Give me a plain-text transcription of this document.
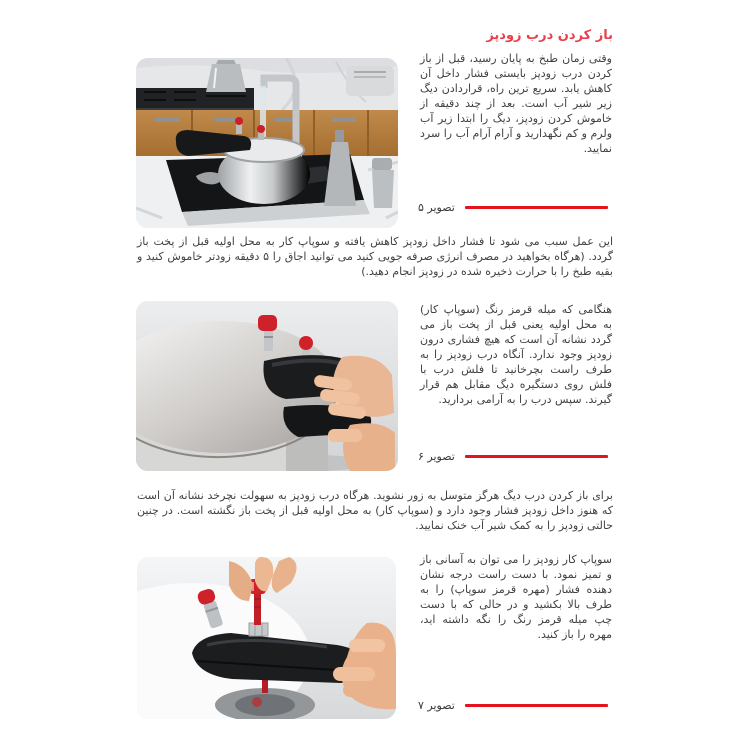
باز کردن درب زودپز

وقتی زمان طبخ به پایان رسید، قبل از باز کردن درب زودپز بایستی فشار داخل آن کاهش یابد. سریع ترین راه، قراردادن دیگ زیر شیر آب است. بعد از چند دقیقه از خاموش کردن زودپز، دیگ را ابتدا زیر آب ولرم و کم نگهدارید و آرام آرام آب را سرد نمایید.

تصویر ۵

این عمل سبب می شود تا فشار داخل زودپز کاهش یافته و سوپاپ کار به محل اولیه قبل از پخت باز گردد. (هرگاه بخواهید در مصرف انرژی صرفه جویی کنید می توانید اجاق را ۵ دقیقه زودتر خاموش کنید و بقیه طبخ را با حرارت ذخیره شده در زودپز انجام دهید.)

هنگامی که میله قرمز رنگ (سوپاپ کار) به محل اولیه یعنی قبل از پخت باز می گردد نشانه آن است که هیچ فشاری درون زودپز وجود ندارد. آنگاه درب زودپز را به طرف راست بچرخانید تا فلش درب با فلش روی دستگیره دیگ مقابل هم قرار گیرند. سپس درب را به آرامی بردارید.

تصویر ۶

برای باز کردن درب دیگ هرگز متوسل به زور نشوید. هرگاه درب زودپز به سهولت نچرخد نشانه آن است که هنوز داخل زودپز فشار وجود دارد و (سوپاپ کار) به محل اولیه قبل از پخت باز نگشته است. در چنین حالتی زودپز را به کمک شیر آب خنک نمایید.

سوپاپ کار زودپز را می توان به آسانی باز و تمیز نمود. با دست راست درجه نشان دهنده فشار (مهره قرمز سوپاپ) را به طرف بالا بکشید و در حالی که با دست چپ میله قرمز رنگ را نگه داشته اید، مهره را باز کنید.

تصویر ۷
